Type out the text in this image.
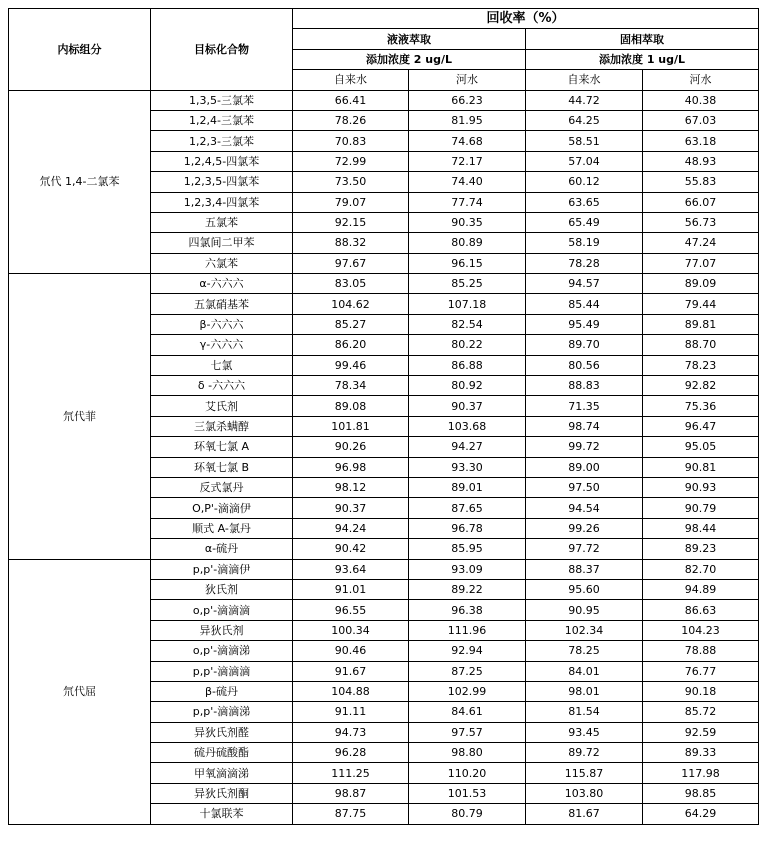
内标组分	目标化合物	回收率（%）			
		液液萃取		固相萃取	
		添加浓度 2 ug/L		添加浓度 1 ug/L	
		自来水	河水	自来水	河水
氘代 1,4-二氯苯	1,3,5-三氯苯	66.41	66.23	44.72	40.38
	1,2,4-三氯苯	78.26	81.95	64.25	67.03
	1,2,3-三氯苯	70.83	74.68	58.51	63.18
	1,2,4,5-四氯苯	72.99	72.17	57.04	48.93
	1,2,3,5-四氯苯	73.50	74.40	60.12	55.83
	1,2,3,4-四氯苯	79.07	77.74	63.65	66.07
	五氯苯	92.15	90.35	65.49	56.73
	四氯间二甲苯	88.32	80.89	58.19	47.24
	六氯苯	97.67	96.15	78.28	77.07
氘代菲	α-六六六	83.05	85.25	94.57	89.09
	五氯硝基苯	104.62	107.18	85.44	79.44
	β-六六六	85.27	82.54	95.49	89.81
	γ-六六六	86.20	80.22	89.70	88.70
	七氯	99.46	86.88	80.56	78.23
	δ -六六六	78.34	80.92	88.83	92.82
	艾氏剂	89.08	90.37	71.35	75.36
	三氯杀螨醇	101.81	103.68	98.74	96.47
	环氧七氯 A	90.26	94.27	99.72	95.05
	环氧七氯 B	96.98	93.30	89.00	90.81
	反式氯丹	98.12	89.01	97.50	90.93
	O,P'-滴滴伊	90.37	87.65	94.54	90.79
	顺式 A-氯丹	94.24	96.78	99.26	98.44
	α-硫丹	90.42	85.95	97.72	89.23
氘代屈	p,p'-滴滴伊	93.64	93.09	88.37	82.70
	狄氏剂	91.01	89.22	95.60	94.89
	o,p'-滴滴滴	96.55	96.38	90.95	86.63
	异狄氏剂	100.34	111.96	102.34	104.23
	o,p'-滴滴涕	90.46	92.94	78.25	78.88
	p,p'-滴滴滴	91.67	87.25	84.01	76.77
	β-硫丹	104.88	102.99	98.01	90.18
	p,p'-滴滴涕	91.11	84.61	81.54	85.72
	异狄氏剂醛	94.73	97.57	93.45	92.59
	硫丹硫酸酯	96.28	98.80	89.72	89.33
	甲氧滴滴涕	111.25	110.20	115.87	117.98
	异狄氏剂酮	98.87	101.53	103.80	98.85
	十氯联苯	87.75	80.79	81.67	64.29
